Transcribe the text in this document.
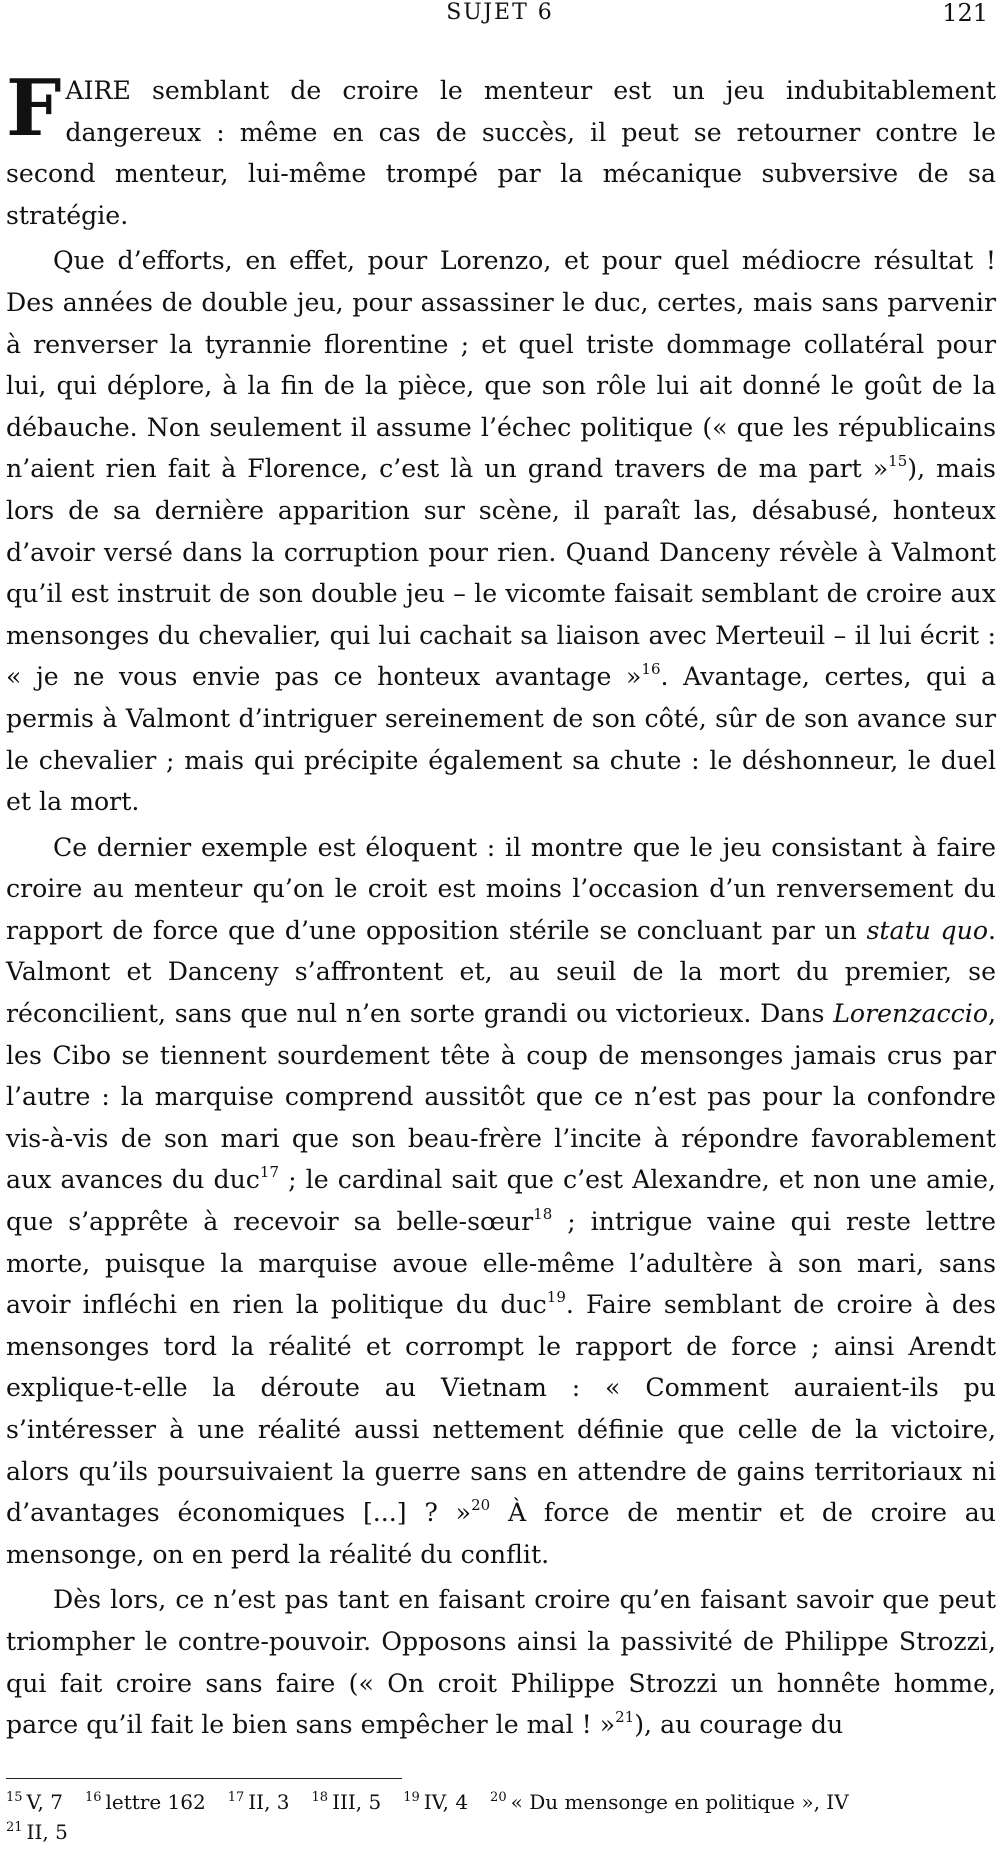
SUJET 6	121

FAIRE semblant de croire le menteur est un jeu indubitablement dangereux : même en cas de succès, il peut se retourner contre le second menteur, lui-même trompé par la mécanique subversive de sa stratégie.

Que d’efforts, en effet, pour Lorenzo, et pour quel médiocre résultat ! Des années de double jeu, pour assassiner le duc, certes, mais sans parvenir à renverser la tyrannie florentine ; et quel triste dommage collatéral pour lui, qui déplore, à la fin de la pièce, que son rôle lui ait donné le goût de la débauche. Non seulement il assume l’échec politique (« que les républicains n’aient rien fait à Florence, c’est là un grand travers de ma part »$^{15}$), mais lors de sa dernière apparition sur scène, il paraît las, désabusé, honteux d’avoir versé dans la corruption pour rien. Quand Danceny révèle à Valmont qu’il est instruit de son double jeu – le vicomte faisait semblant de croire aux mensonges du chevalier, qui lui cachait sa liaison avec Merteuil – il lui écrit : « je ne vous envie pas ce honteux avantage »$^{16}$. Avantage, certes, qui a permis à Valmont d’intriguer sereinement de son côté, sûr de son avance sur le chevalier ; mais qui précipite également sa chute : le déshonneur, le duel et la mort.

Ce dernier exemple est éloquent : il montre que le jeu consistant à faire croire au menteur qu’on le croit est moins l’occasion d’un renversement du rapport de force que d’une opposition stérile se concluant par un statu quo. Valmont et Danceny s’affrontent et, au seuil de la mort du premier, se réconcilient, sans que nul n’en sorte grandi ou victorieux. Dans Lorenzaccio, les Cibo se tiennent sourdement tête à coup de mensonges jamais crus par l’autre : la marquise comprend aussitôt que ce n’est pas pour la confondre vis-à-vis de son mari que son beau-frère l’incite à répondre favorablement aux avances du duc$^{17}$ ; le cardinal sait que c’est Alexandre, et non une amie, que s’apprête à recevoir sa belle-sœur$^{18}$ ; intrigue vaine qui reste lettre morte, puisque la marquise avoue elle-même l’adultère à son mari, sans avoir infléchi en rien la politique du duc$^{19}$. Faire semblant de croire à des mensonges tord la réalité et corrompt le rapport de force ; ainsi Arendt explique-t-elle la déroute au Vietnam : « Comment auraient-ils pu s’intéresser à une réalité aussi nettement définie que celle de la victoire, alors qu’ils poursuivaient la guerre sans en attendre de gains territoriaux ni d’avantages économiques [...] ? »$^{20}$ À force de mentir et de croire au mensonge, on en perd la réalité du conflit.

Dès lors, ce n’est pas tant en faisant croire qu’en faisant savoir que peut triompher le contre-pouvoir. Opposons ainsi la passivité de Philippe Strozzi, qui fait croire sans faire (« On croit Philippe Strozzi un honnête homme, parce qu’il fait le bien sans empêcher le mal ! »$^{21}$), au courage du

$^{15}$ V, 7 $^{16}$ lettre 162 $^{17}$ II, 3 $^{18}$ III, 5 $^{19}$ IV, 4 $^{20}$ « Du mensonge en politique », IV
$^{21}$ II, 5
